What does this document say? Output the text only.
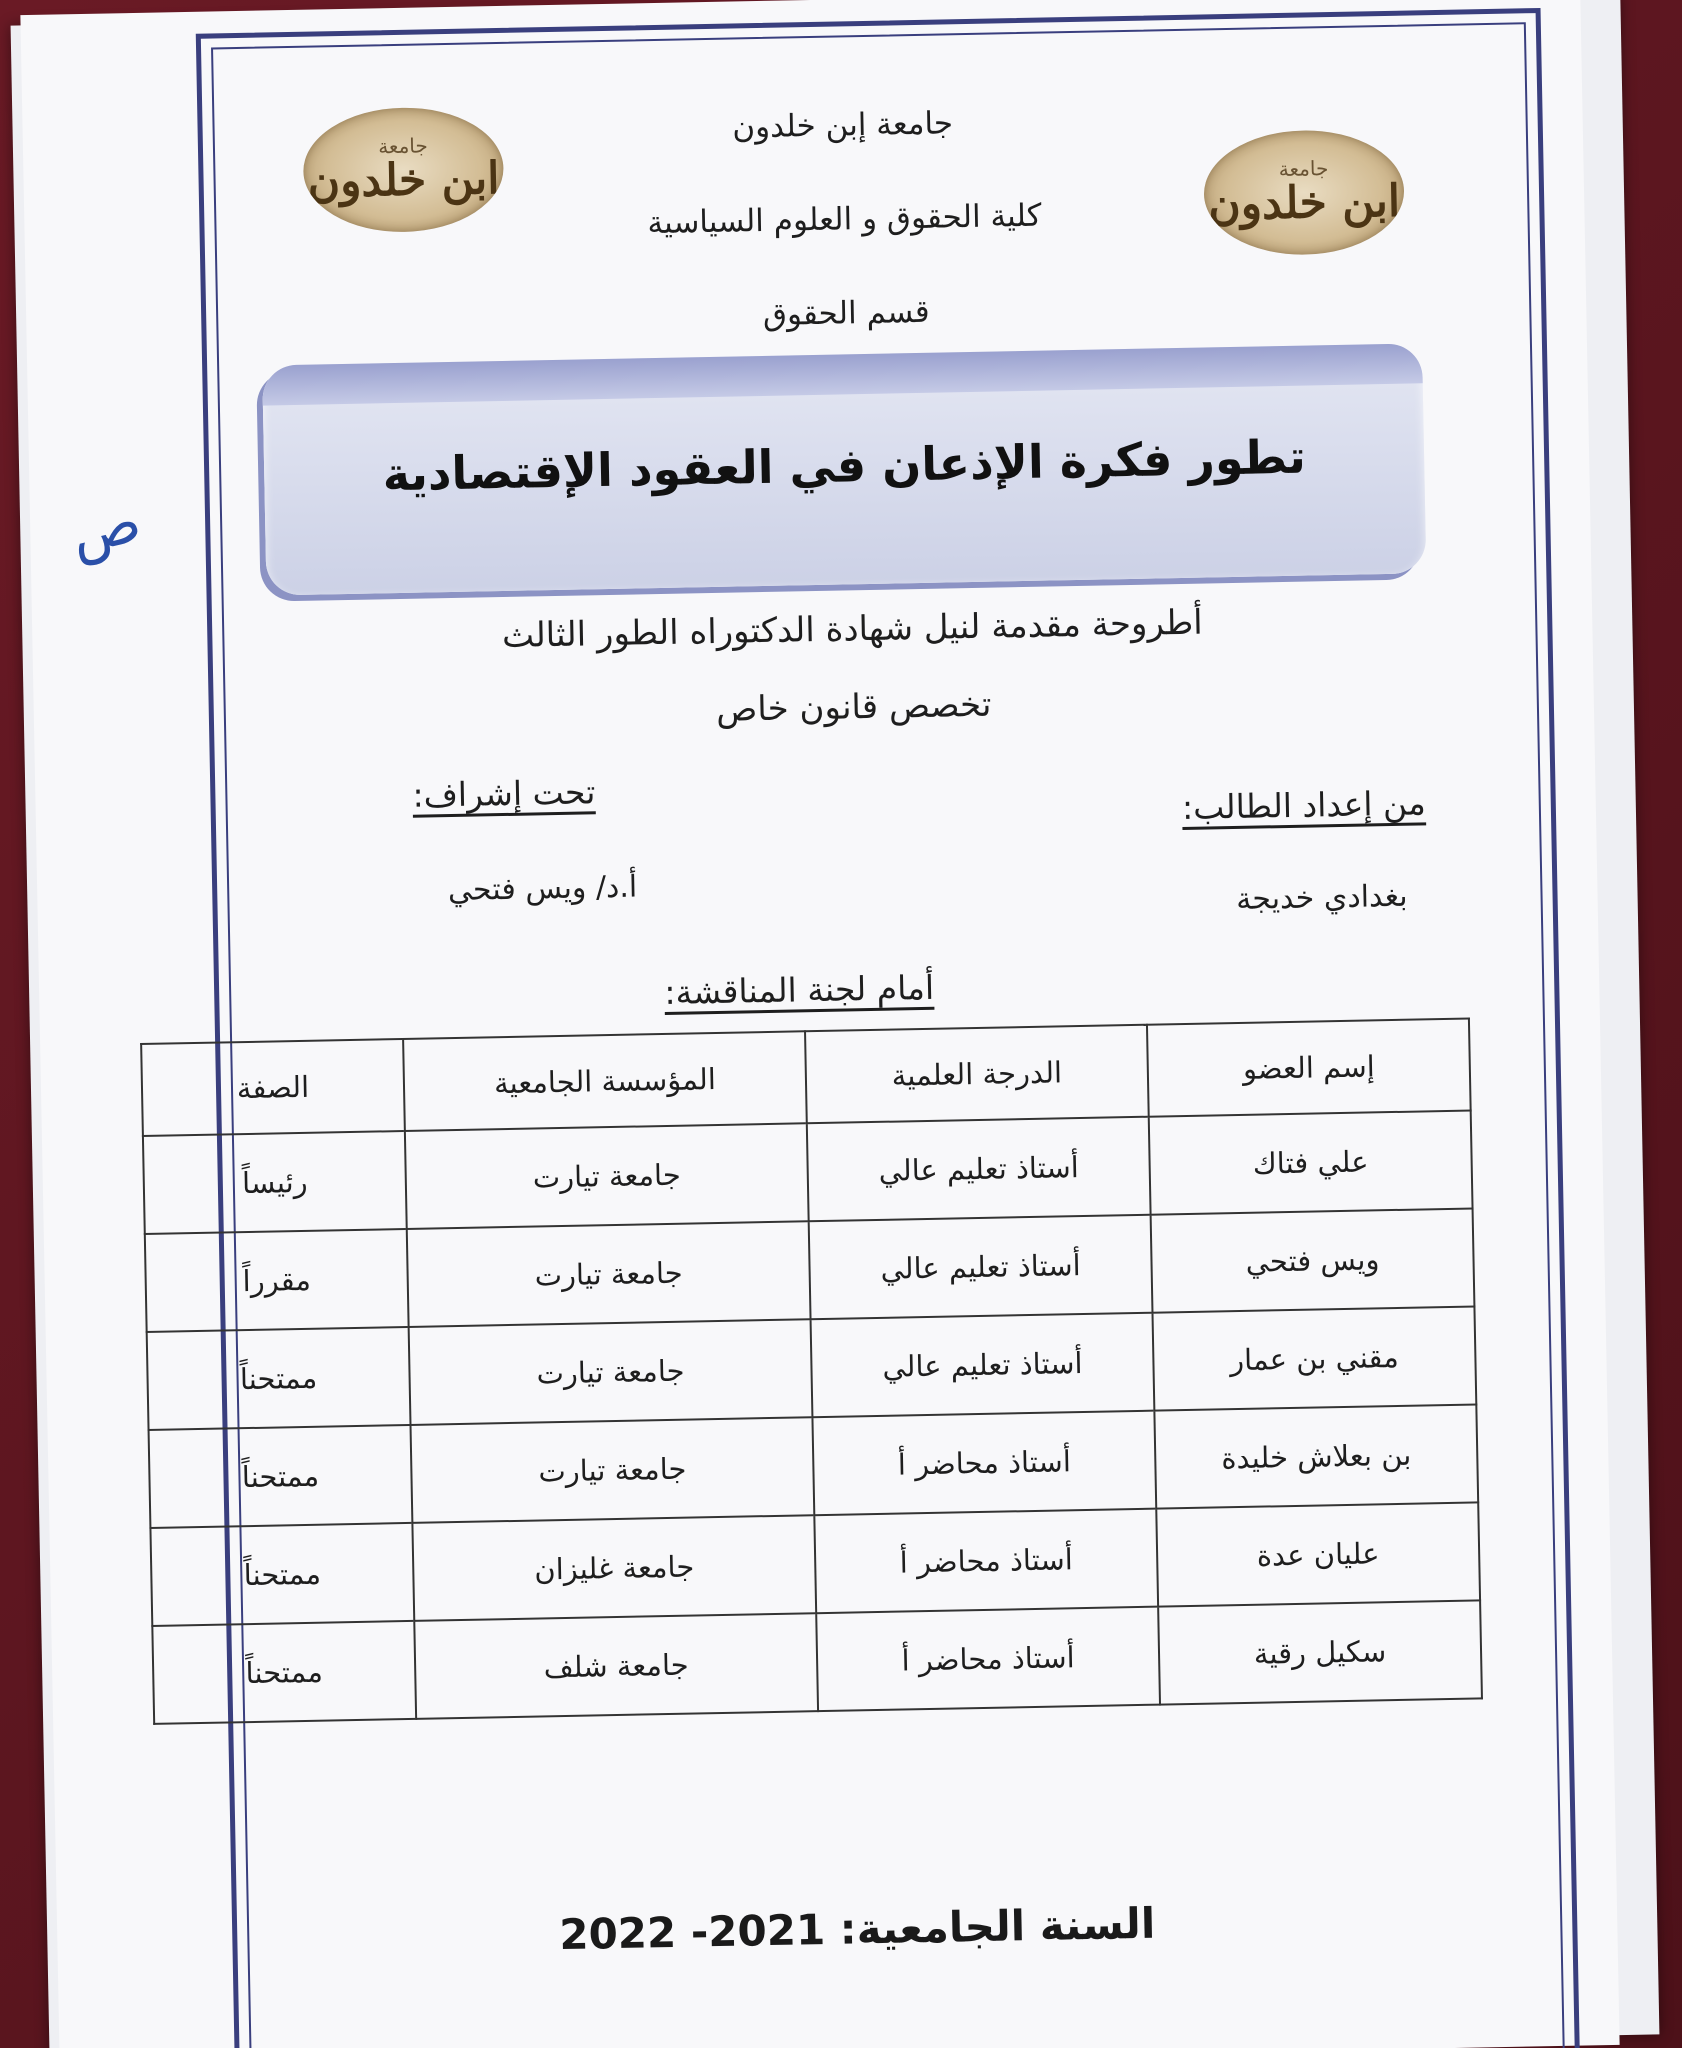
ص
جامعة
ابن خلدون	جامعة
ابن خلدون
جامعة إبن خلدون
كلية الحقوق و العلوم السياسية
قسم الحقوق
تطور فكرة الإذعان في العقود الإقتصادية
أطروحة مقدمة لنيل شهادة الدكتوراه الطور الثالث
تخصص قانون خاص
من إعداد الطالب:
تحت إشراف:
بغدادي خديجة
أ.د/ ويس فتحي
أمام لجنة المناقشة:
إسم العضو	الدرجة العلمية	المؤسسة الجامعية	الصفة
علي فتاك	أستاذ تعليم عالي	جامعة تيارت	رئيساً
ويس فتحي	أستاذ تعليم عالي	جامعة تيارت	مقرراً
مقني بن عمار	أستاذ تعليم عالي	جامعة تيارت	ممتحناً
بن بعلاش خليدة	أستاذ محاضر أ	جامعة تيارت	ممتحناً
عليان عدة	أستاذ محاضر أ	جامعة غليزان	ممتحناً
سكيل رقية	أستاذ محاضر أ	جامعة شلف	ممتحناً
السنة الجامعية: 2021- 2022
